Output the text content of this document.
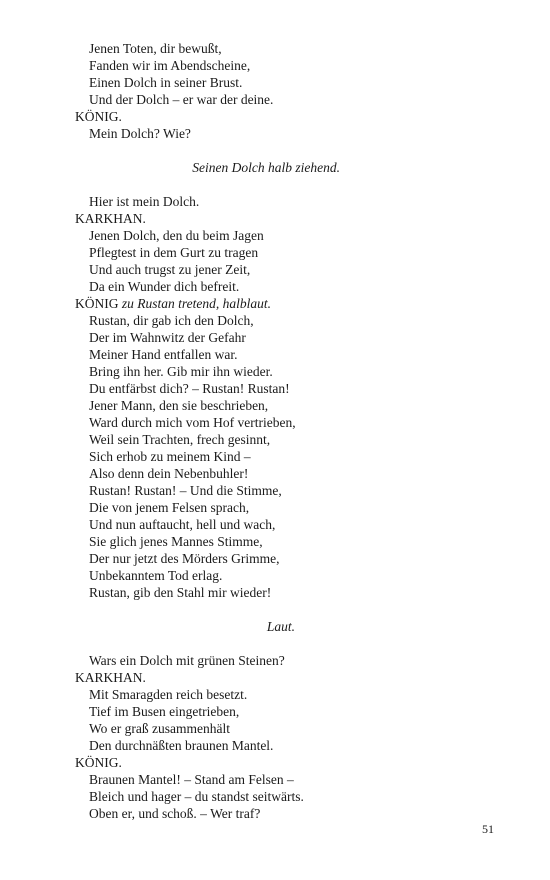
Jenen Toten, dir bewußt,
Fanden wir im Abendscheine,
Einen Dolch in seiner Brust.
Und der Dolch – er war der deine.
KÖNIG.
Mein Dolch? Wie?
Seinen Dolch halb ziehend.
Hier ist mein Dolch.
KARKHAN.
Jenen Dolch, den du beim Jagen
Pflegtest in dem Gurt zu tragen
Und auch trugst zu jener Zeit,
Da ein Wunder dich befreit.
KÖNIG zu Rustan tretend, halblaut.
Rustan, dir gab ich den Dolch,
Der im Wahnwitz der Gefahr
Meiner Hand entfallen war.
Bring ihn her. Gib mir ihn wieder.
Du entfärbst dich? – Rustan! Rustan!
Jener Mann, den sie beschrieben,
Ward durch mich vom Hof vertrieben,
Weil sein Trachten, frech gesinnt,
Sich erhob zu meinem Kind –
Also denn dein Nebenbuhler!
Rustan! Rustan! – Und die Stimme,
Die von jenem Felsen sprach,
Und nun auftaucht, hell und wach,
Sie glich jenes Mannes Stimme,
Der nur jetzt des Mörders Grimme,
Unbekanntem Tod erlag.
Rustan, gib den Stahl mir wieder!
Laut.
Wars ein Dolch mit grünen Steinen?
KARKHAN.
Mit Smaragden reich besetzt.
Tief im Busen eingetrieben,
Wo er graß zusammenhält
Den durchnäßten braunen Mantel.
KÖNIG.
Braunen Mantel! – Stand am Felsen –
Bleich und hager – du standst seitwärts.
Oben er, und schoß. – Wer traf?
51
